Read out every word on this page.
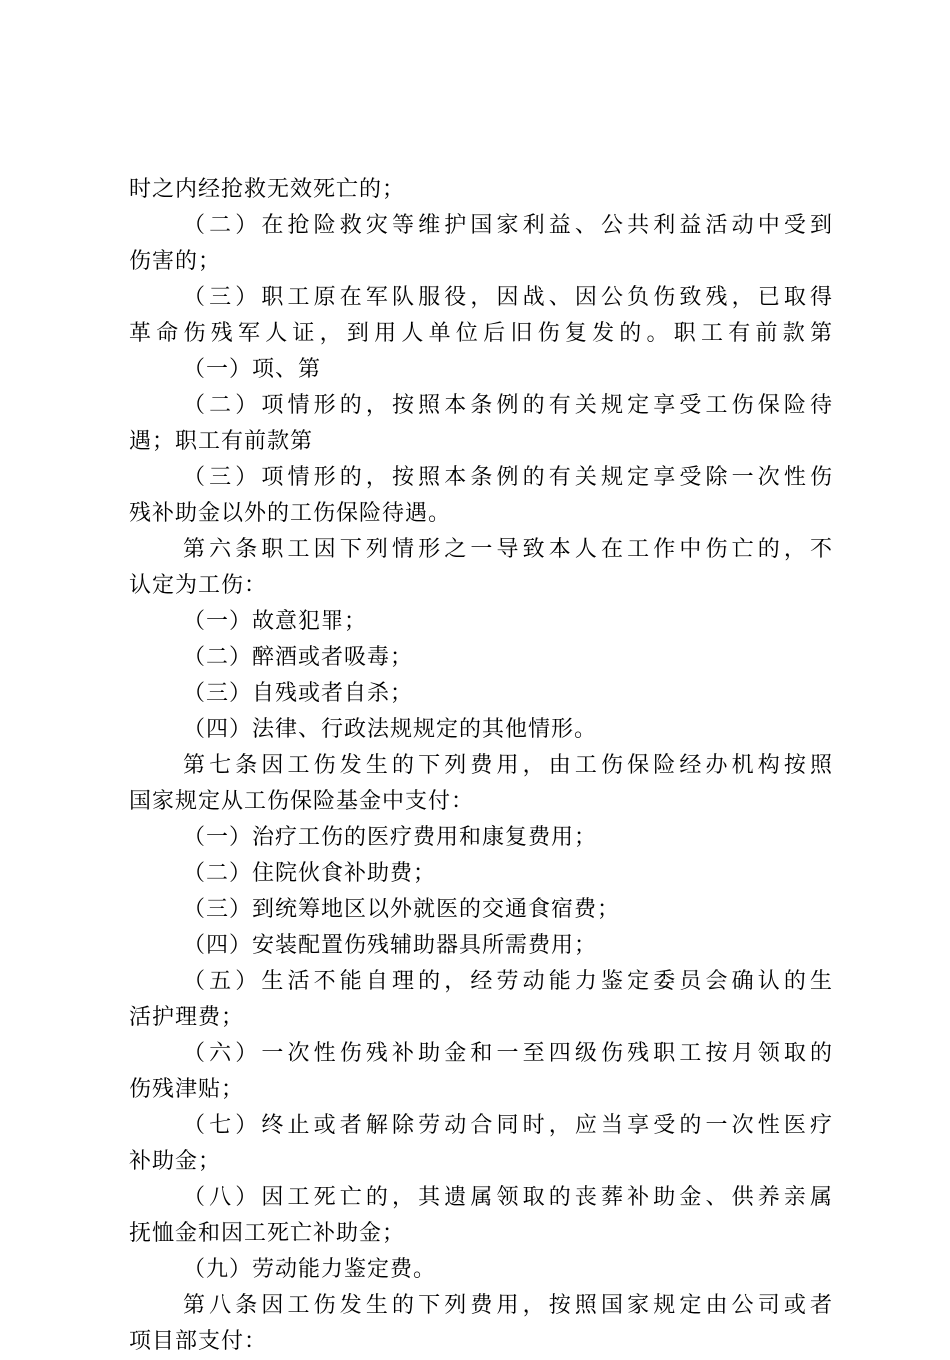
时之内经抢救无效死亡的；
（二）在抢险救灾等维护国家利益、公共利益活动中受到
伤害的；
（三）职工原在军队服役，因战、因公负伤致残，已取得
革命伤残军人证，到用人单位后旧伤复发的。职工有前款第
（一）项、第
（二）项情形的，按照本条例的有关规定享受工伤保险待
遇；职工有前款第
（三）项情形的，按照本条例的有关规定享受除一次性伤
残补助金以外的工伤保险待遇。
第六条职工因下列情形之一导致本人在工作中伤亡的，不
认定为工伤：
（一）故意犯罪；
（二）醉酒或者吸毒；
（三）自残或者自杀；
（四）法律、行政法规规定的其他情形。
第七条因工伤发生的下列费用，由工伤保险经办机构按照
国家规定从工伤保险基金中支付：
（一）治疗工伤的医疗费用和康复费用；
（二）住院伙食补助费；
（三）到统筹地区以外就医的交通食宿费；
（四）安装配置伤残辅助器具所需费用；
（五）生活不能自理的，经劳动能力鉴定委员会确认的生
活护理费；
（六）一次性伤残补助金和一至四级伤残职工按月领取的
伤残津贴；
（七）终止或者解除劳动合同时，应当享受的一次性医疗
补助金；
（八）因工死亡的，其遗属领取的丧葬补助金、供养亲属
抚恤金和因工死亡补助金；
（九）劳动能力鉴定费。
第八条因工伤发生的下列费用，按照国家规定由公司或者
项目部支付：
